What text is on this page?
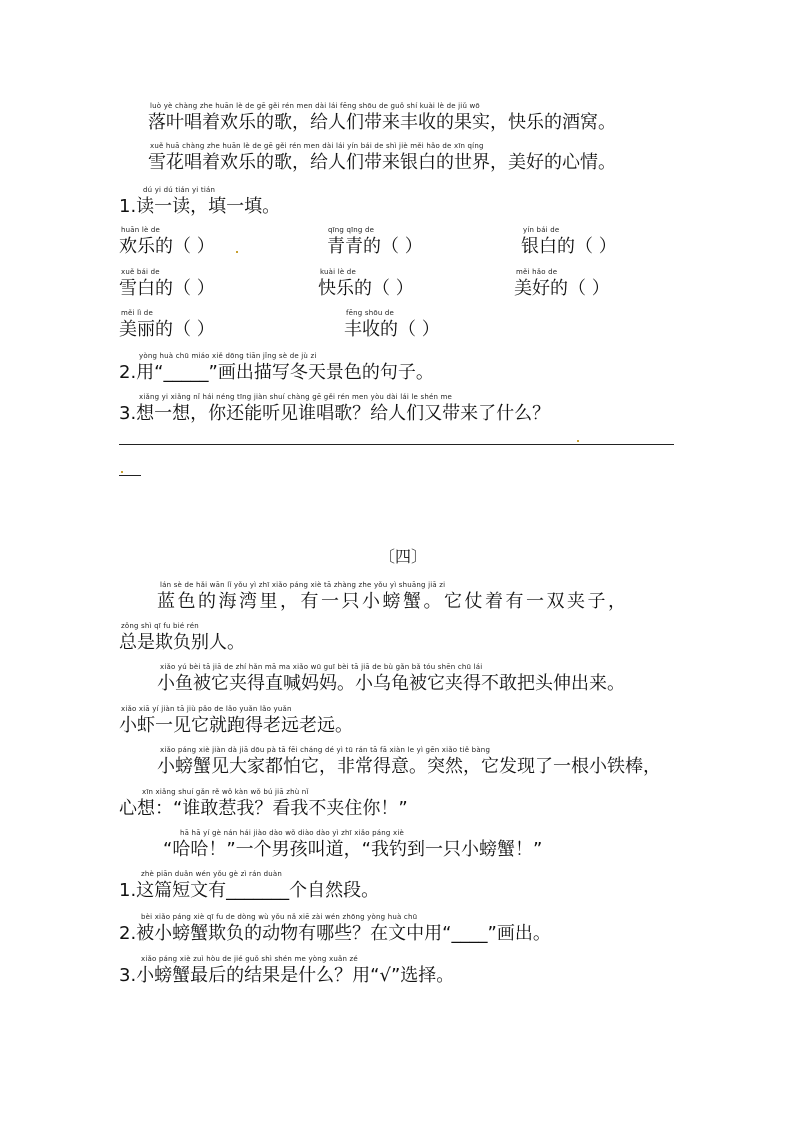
luò yè chàng zhe huān lè de gē gěi rén men dài lái fēng shōu de guǒ shí kuài lè de jiǔ wō
落叶唱着欢乐的歌，给人们带来丰收的果实，快乐的酒窝。
xuě huā chàng zhe huān lè de gē gěi rén men dài lái yín bái de shì jiè měi hǎo de xīn qíng
雪花唱着欢乐的歌，给人们带来银白的世界，美好的心情。
dú yi dú tián yi tián
1.读一读，填一填。
huān lè de
欢乐的（ ）
qīng qīng de
青青的（ ）
yín bái de
银白的（ ）
xuě bái de
雪白的（ ）
kuài lè de
快乐的（ ）
měi hǎo de
美好的（ ）
měi lì de
美丽的（ ）
fēng shōu de
丰收的（ ）
yòng huà chū miáo xiě dōng tiān jǐng sè de jù zi
2.用“_____”画出描写冬天景色的句子。
xiǎng yi xiǎng nǐ hái néng tīng jiàn shuí chàng gē gěi rén men yòu dài lái le shén me
3.想一想，你还能听见谁唱歌？给人们又带来了什么？
〔四〕
lán sè de hǎi wān lǐ yǒu yì zhī xiǎo páng xiè tā zhàng zhe yǒu yì shuāng jiā zi
蓝色的海湾里，有一只小螃蟹。它仗着有一双夹子，
zǒng shì qī fu bié rén
总是欺负别人。
xiǎo yú bèi tā jiā de zhí hǎn mā ma xiǎo wū guī bèi tā jiā de bù gǎn bǎ tóu shēn chū lái
小鱼被它夹得直喊妈妈。小乌龟被它夹得不敢把头伸出来。
xiǎo xiā yí jiàn tā jiù pǎo de lǎo yuǎn lǎo yuǎn
小虾一见它就跑得老远老远。
xiǎo páng xiè jiàn dà jiā dōu pà tā fēi cháng dé yì tū rán tā fā xiàn le yì gēn xiǎo tiě bàng
小螃蟹见大家都怕它，非常得意。突然，它发现了一根小铁棒，
xīn xiǎng shuí gǎn rě wǒ kàn wǒ bú jiā zhù nǐ
心想：“谁敢惹我？看我不夹住你！”
hā hā yí gè nán hái jiào dào wǒ diào dào yì zhī xiǎo páng xiè
“哈哈！”一个男孩叫道，“我钓到一只小螃蟹！”
zhè piān duǎn wén yǒu gè zì rán duàn
1.这篇短文有_______个自然段。
bèi xiǎo páng xiè qī fu de dòng wù yǒu nǎ xiē zài wén zhōng yòng huà chū
2.被小螃蟹欺负的动物有哪些？在文中用“____”画出。
xiǎo páng xiè zuì hòu de jié guǒ shì shén me yòng xuǎn zé
3.小螃蟹最后的结果是什么？用“√”选择。
